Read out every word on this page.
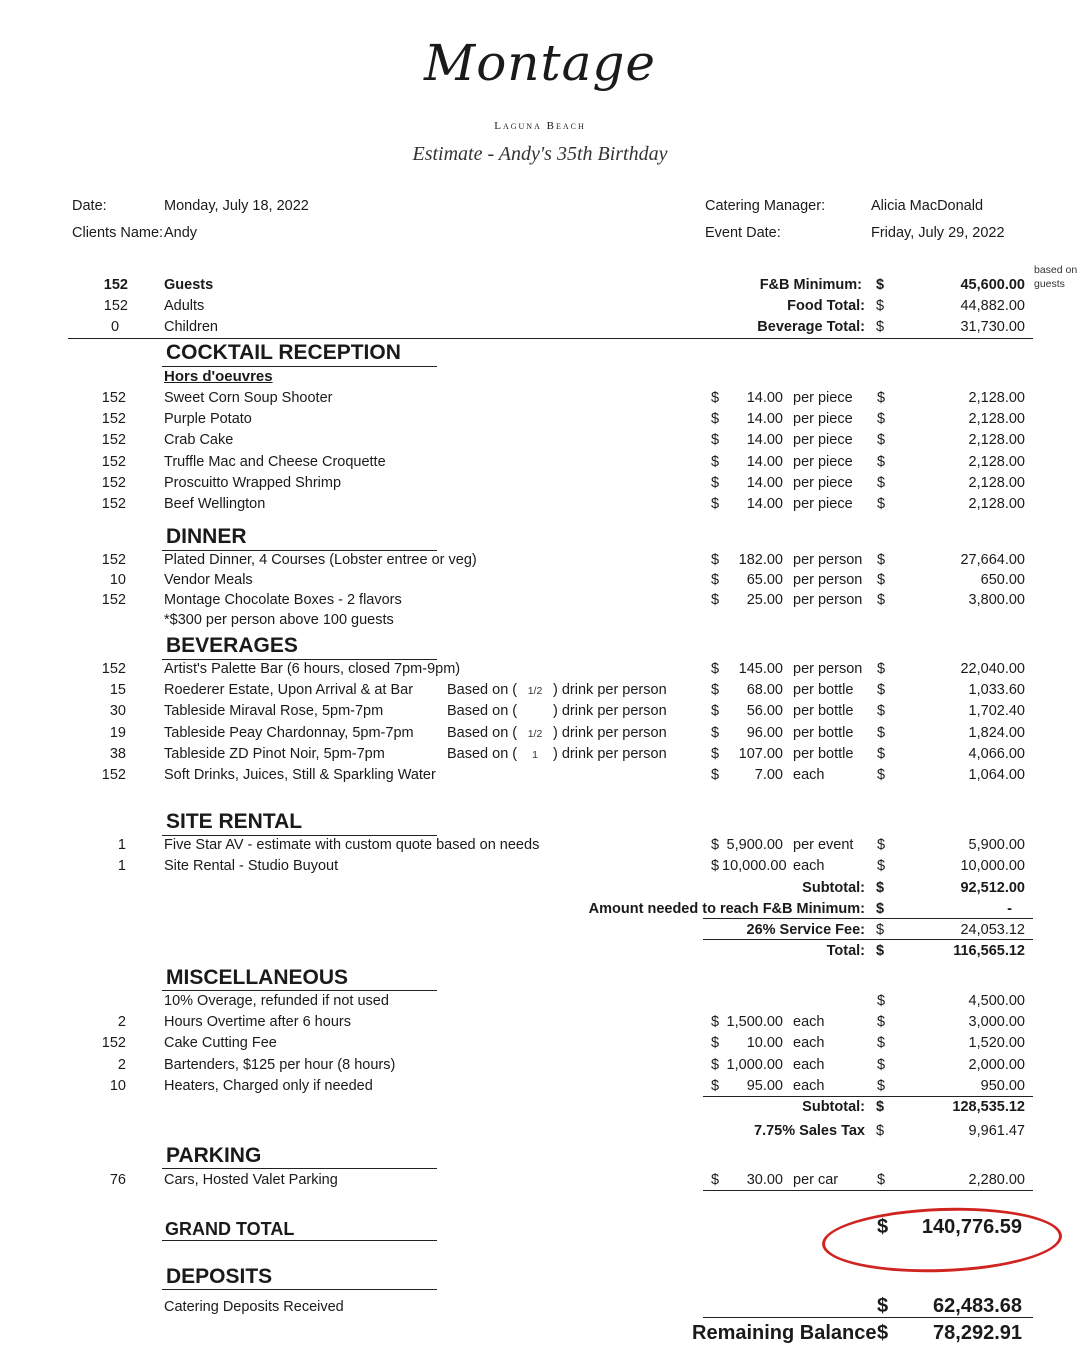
Montage
Laguna Beach
Estimate - Andy's 35th Birthday
Date:	Monday, July 18, 2022
Clients Name: Andy
Catering Manager:	Alicia MacDonald
Event Date:	Friday, July 29, 2022
152 Guests
152 Adults
0	Children
F&B Minimum: $	45,600.00
Food Total: $	44,882.00
Beverage Total: $	31,730.00
based on guests
COCKTAIL RECEPTION
Hors d'oeuvres
152	Sweet Corn Soup Shooter	$	14.00 per piece $	2,128.00
152	Purple Potato	$	14.00 per piece $	2,128.00
152	Crab Cake	$	14.00 per piece $	2,128.00
152	Truffle Mac and Cheese Croquette	$	14.00 per piece $	2,128.00
152	Proscuitto Wrapped Shrimp	$	14.00 per piece $	2,128.00
152	Beef Wellington	$	14.00 per piece $	2,128.00
DINNER
152	Plated Dinner, 4 Courses (Lobster entree or veg)	$	182.00 per person $	27,664.00
10	Vendor Meals	$	65.00 per person $	650.00
152	Montage Chocolate Boxes - 2 flavors	$	25.00 per person $	3,800.00
*$300 per person above 100 guests
BEVERAGES
152	Artist's Palette Bar (6 hours, closed 7pm-9pm)	$	145.00 per person $	22,040.00
15	Roederer Estate, Upon Arrival & at Bar Based on (	1/2 ) drink per person	$	68.00 per bottle $	1,033.60
30	Tableside Miraval Rose, 5pm-7pm	Based on ( ) drink per person	$	56.00 per bottle $	1,702.40
19	Tableside Peay Chardonnay, 5pm-7pm Based on (	1/2 ) drink per person	$	96.00 per bottle $	1,824.00
38	Tableside ZD Pinot Noir, 5pm-7pm	Based on (	1	) drink per person	$	107.00 per bottle $	4,066.00
152	Soft Drinks, Juices, Still & Sparkling Water	$	7.00 each	$	1,064.00
SITE RENTAL
1	Five Star AV - estimate with custom quote based on needs	$ 5,900.00 per event $	5,900.00
1	Site Rental - Studio Buyout	$ 10,000.00 each	$	10,000.00
Subtotal: $	92,512.00
Amount needed to reach F&B Minimum: $	-
26% Service Fee: $	24,053.12
Total: $	116,565.12
MISCELLANEOUS
10% Overage, refunded if not used	$	4,500.00
2	Hours Overtime after 6 hours	$ 1,500.00 each	$	3,000.00
152	Cake Cutting Fee	$	10.00 each	$	1,520.00
2	Bartenders, $125 per hour (8 hours)	$ 1,000.00 each	$	2,000.00
10	Heaters, Charged only if needed	$	95.00 each	$	950.00
Subtotal: $	128,535.12
7.75% Sales Tax $	9,961.47
PARKING
76	Cars, Hosted Valet Parking	$	30.00 per car	$	2,280.00
GRAND TOTAL	$	140,776.59
DEPOSITS
Catering Deposits Received	$	62,483.68
Remaining Balance $	78,292.91
